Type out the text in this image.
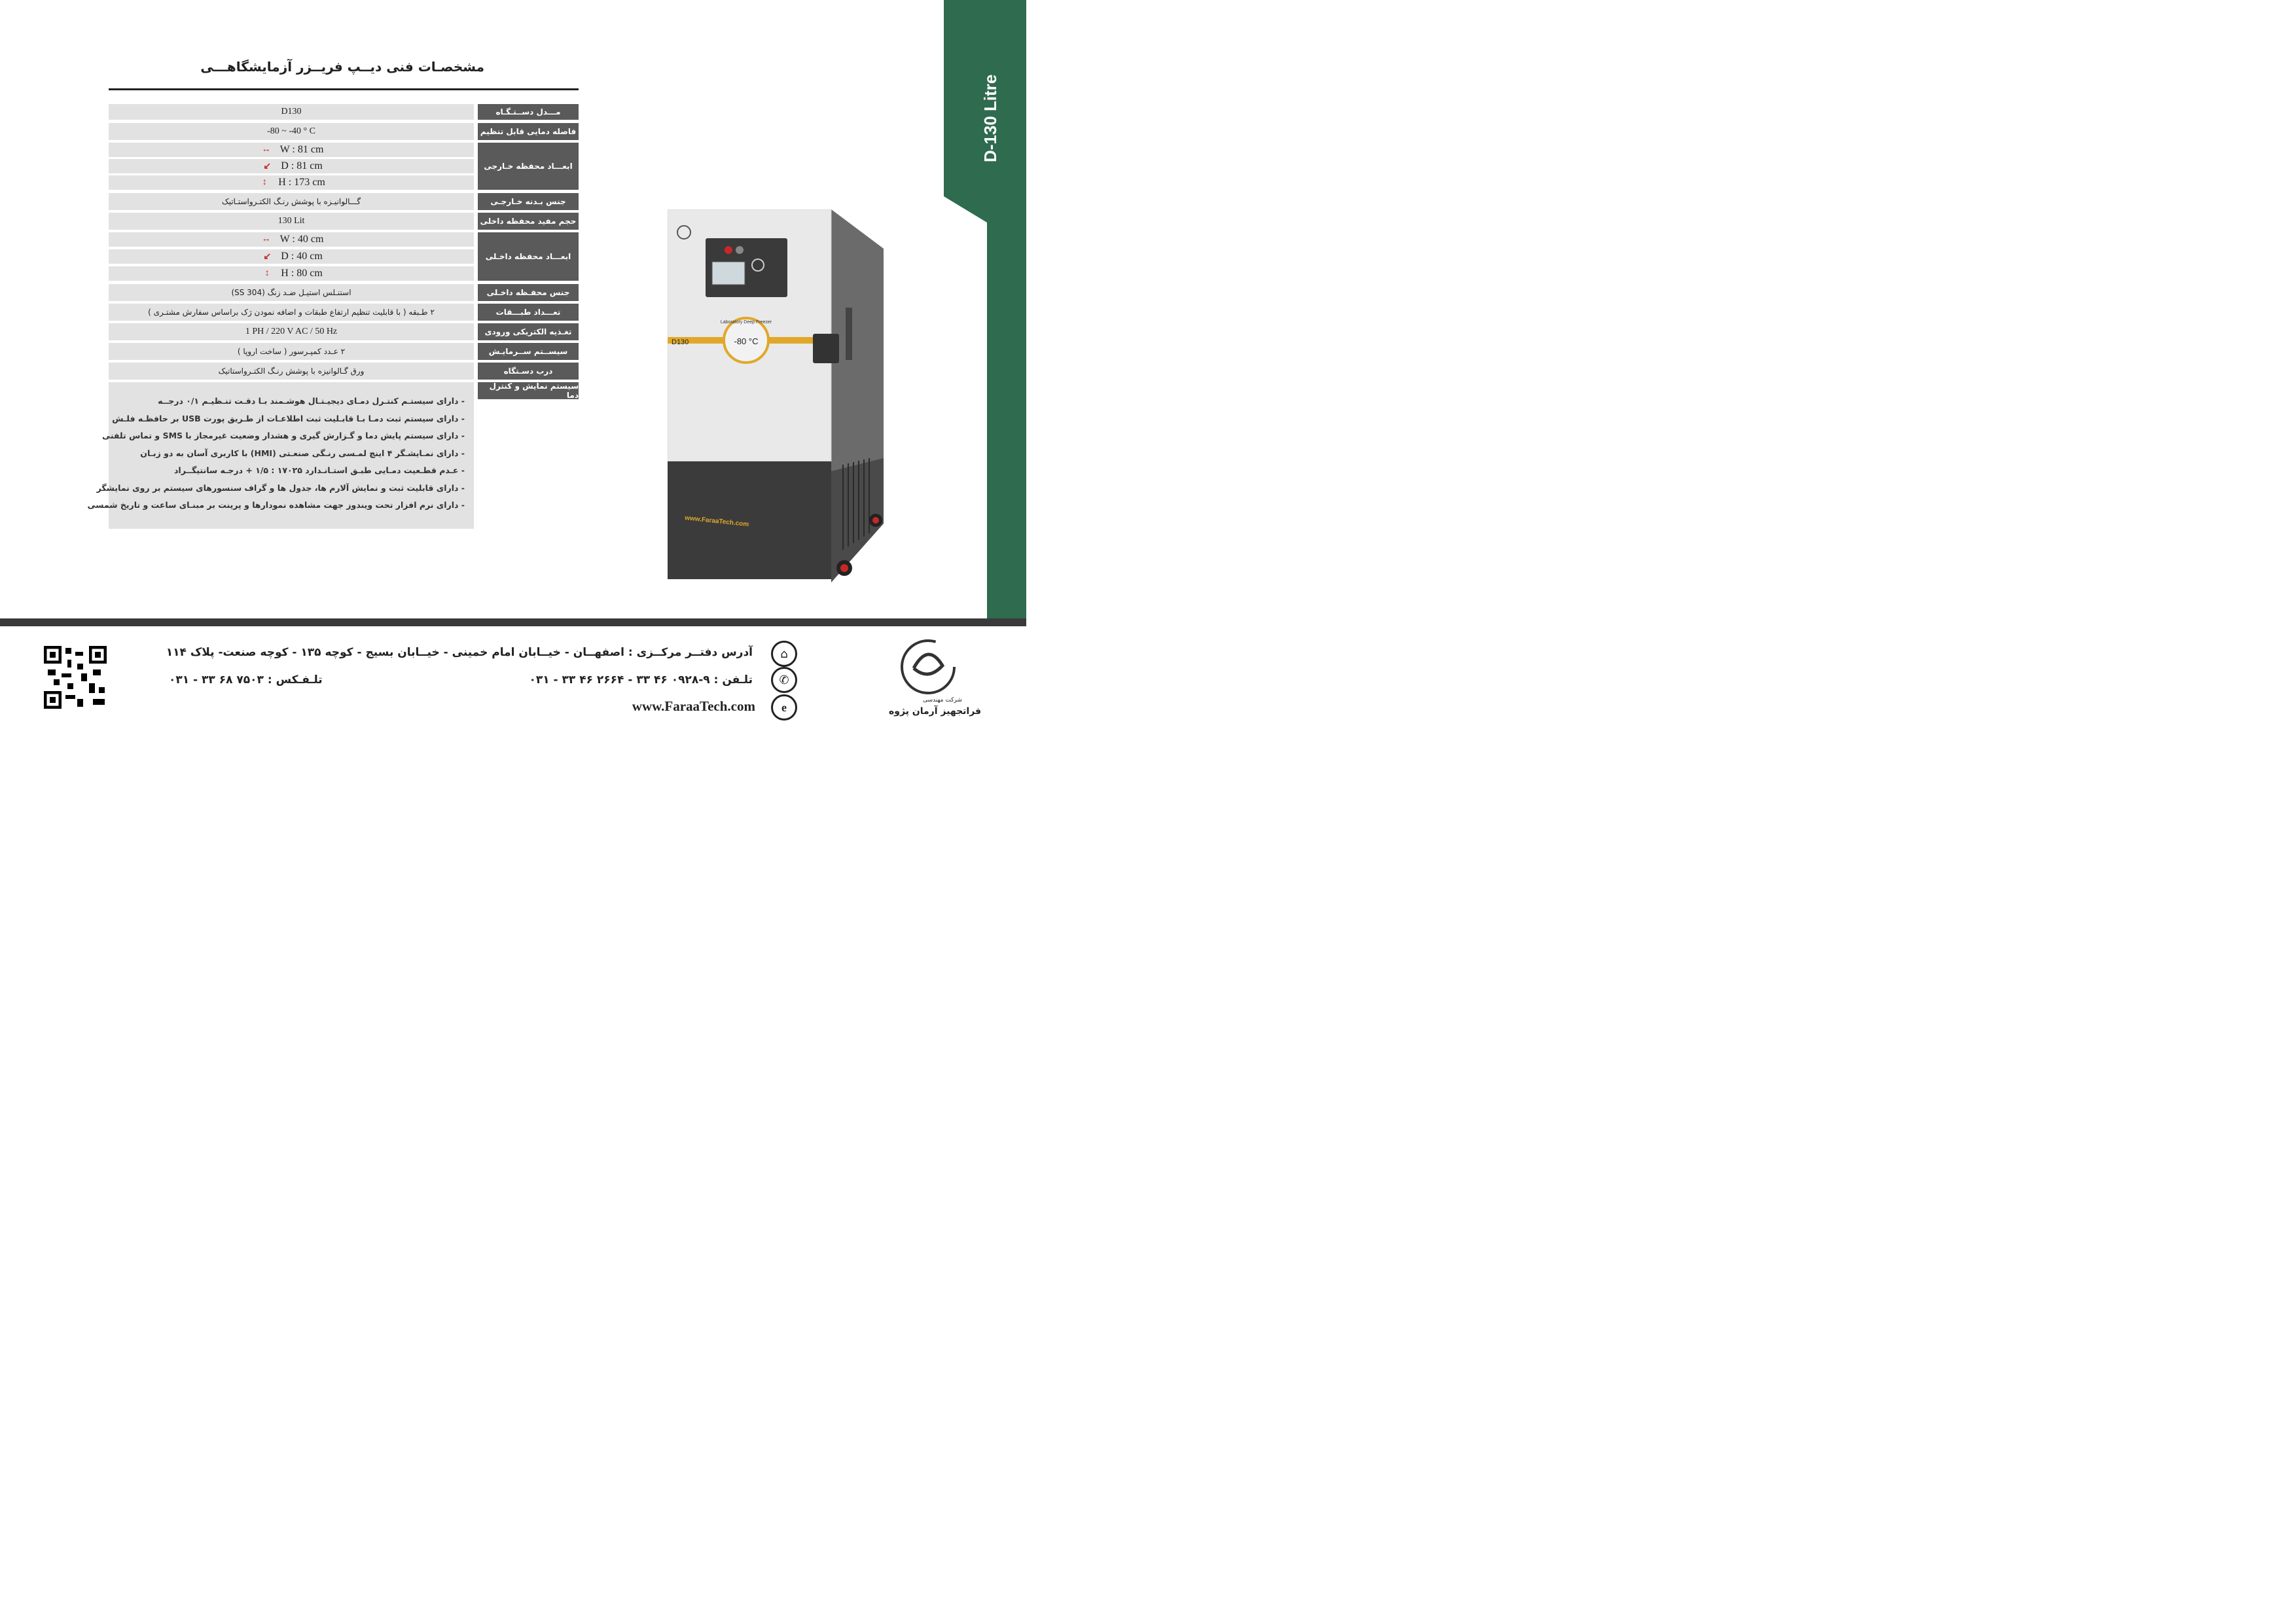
D-130 Litre
مشخصـات فنی دیــپ فریــزر آزمایشگاهـــی
مـــدل دســتـگـاه
D130
فاصله دمایی قابل تنظیم
-80 ~ -40 ° C
ابعـــاد محفظه خـارجی
↔ W : 81 cm
↙ D : 81 cm
↕	H : 173 cm
جنس بـدنه خـارجـی
گـــالوانیـزه با پوشش رنـگ الکتـرواستـاتیک
حجم مفید محفظه داخلی
130 Lit
ابعـــاد محفظه داخـلی
↔ W : 40 cm
↙ D : 40 cm
↕	H : 80 cm
جنس محفـظه داخـلی
استنـلس استیـل ضـد زنگ (SS 304)
تعـــداد طبـــقات
۲ طـبقه ( با قابلیت تنظیم ارتفاع طبقات و اضافه نمودن رَک براساس سفارش مشتـری )
تغـذیه الکتریکی ورودی
1 PH / 220 V AC / 50 Hz
سیســتم ســرمایـش
۲ عـدد کمپـرسور ( ساخت اروپا )
درب دسـتگاه
ورق گـالوانیزه با پوشش رنـگ الکتـرواستاتیک
سیستم نمایش و کنترل دما
- دارای سیستـم کنتـرل دمـای دیجیـتـال هوشـمند بـا دقـت تنـظیـم ۰/۱ درجــه
- دارای سیستم ثبت دمـا بـا قابـلیت ثبت اطلاعـات از طـریق پورت USB بر حافظـه فلـش
- دارای سیستم پایش دما و گـزارش گیری و هشدار وضعیت غیرمجاز با SMS و تماس تلفنی
- دارای نمـایشـگر ۴ اینچ لمـسی رنـگی صنعـتی (HMI) با کاربری آسان به دو زبـان
- عـدم قطـعیت دمـایی طبـق استـانـدارد ۱۷۰۲۵ : ۱/۵ + درجـه سانتیگــراد
- دارای قابلیت ثبت و نمایش آلارم ها، جدول ها و گراف سنسورهای سیستم بر روی نمایشگر
- دارای نرم افزار تحت ویندوز جهت مشاهده نمودارها و پرینت بر مبنـای ساعت و تاریخ شمسی
-80 °C
Laboratory Deep Freezer
D130
www.FaraaTech.com
آدرس دفتــر مرکــزی : اصفهــان - خیــابان امام خمینی - خیــابان بسیج - کوچه ۱۳۵ - کوچه صنعت- پلاک ۱۱۴
تلـفن : ۹-۰۹۲۸ ۴۶ ۳۳ - ۲۶۶۴ ۴۶ ۳۳ - ۰۳۱
تلـفـکس : ۷۵۰۳ ۶۸ ۳۳ - ۰۳۱
www.FaraaTech.com
⌂
✆
e
شرکت مهندسی
فراتجهیز آرمان پژوه
